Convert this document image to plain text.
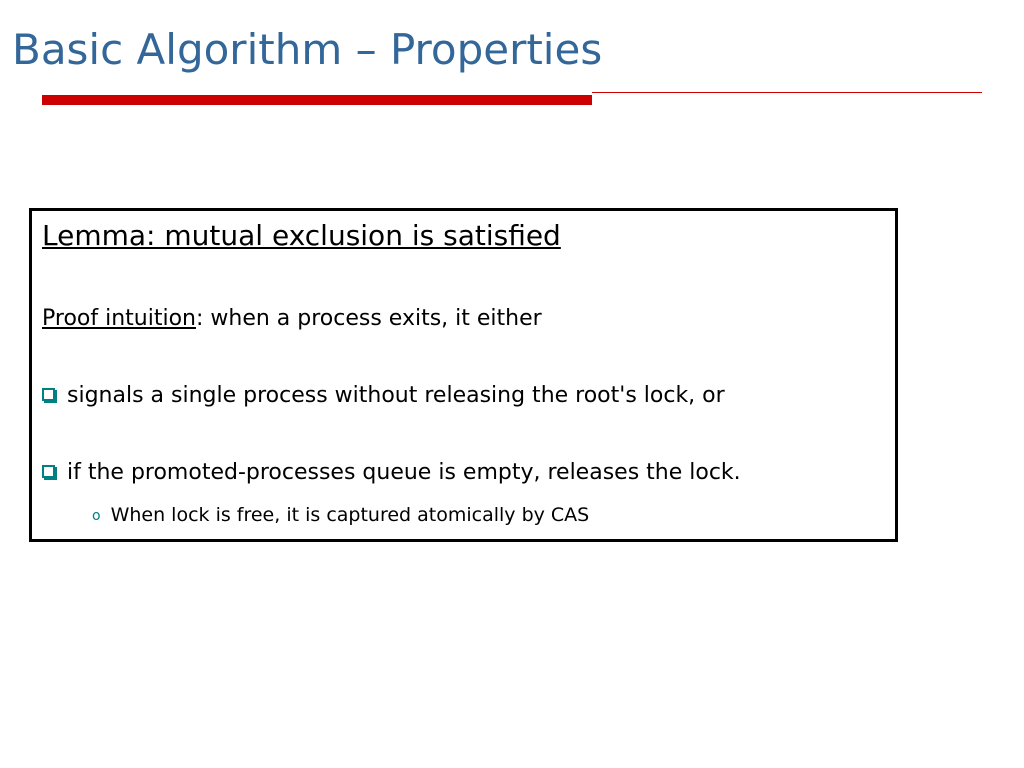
Basic Algorithm – Properties
Lemma: mutual exclusion is satisfied
Proof intuition: when a process exits, it either
signals a single process without releasing the root's lock, or
if the promoted-processes queue is empty, releases the lock.
o When lock is free, it is captured atomically by CAS
